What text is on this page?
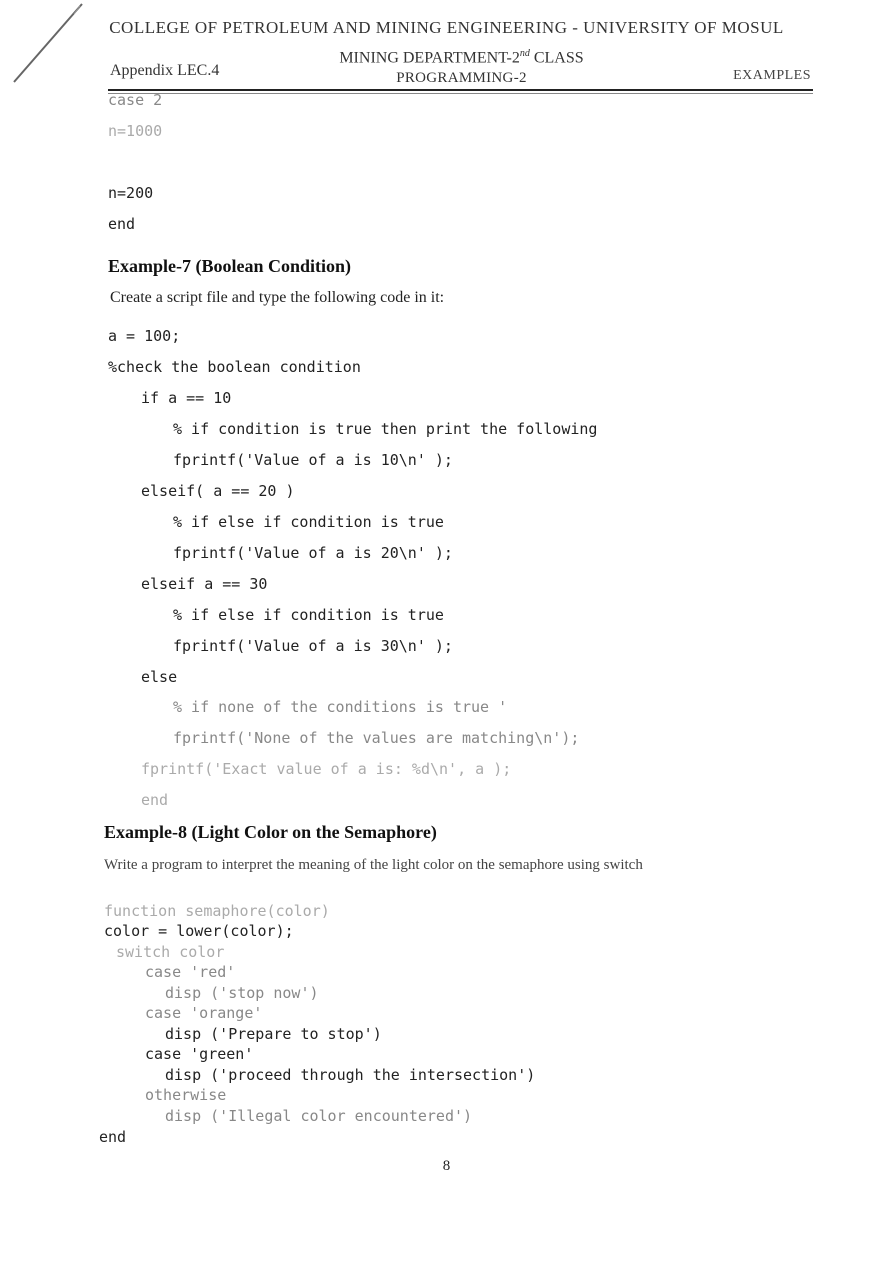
COLLEGE OF PETROLEUM AND MINING ENGINEERING - UNIVERSITY OF MOSUL
MINING DEPARTMENT-2nd CLASS
Appendix LEC.4	PROGRAMMING-2	EXAMPLES
case 2
n=1000
n=200
end
Example-7 (Boolean Condition)
Create a script file and type the following code in it:
a = 100;
%check the boolean condition
if a == 10
% if condition is true then print the following
fprintf('Value of a is 10\n' );
elseif( a == 20 )
% if else if condition is true
fprintf('Value of a is 20\n' );
elseif a == 30
% if else if condition is true
fprintf('Value of a is 30\n' );
else
% if none of the conditions is true '
fprintf('None of the values are matching\n');
fprintf('Exact value of a is: %d\n', a );
end
Example-8 (Light Color on the Semaphore)
Write a program to interpret the meaning of the light color on the semaphore using switch
function semaphore(color)
color = lower(color);
switch color
case 'red'
disp ('stop now')
case 'orange'
disp ('Prepare to stop')
case 'green'
disp ('proceed through the intersection')
otherwise
disp ('Illegal color encountered')
end
8
